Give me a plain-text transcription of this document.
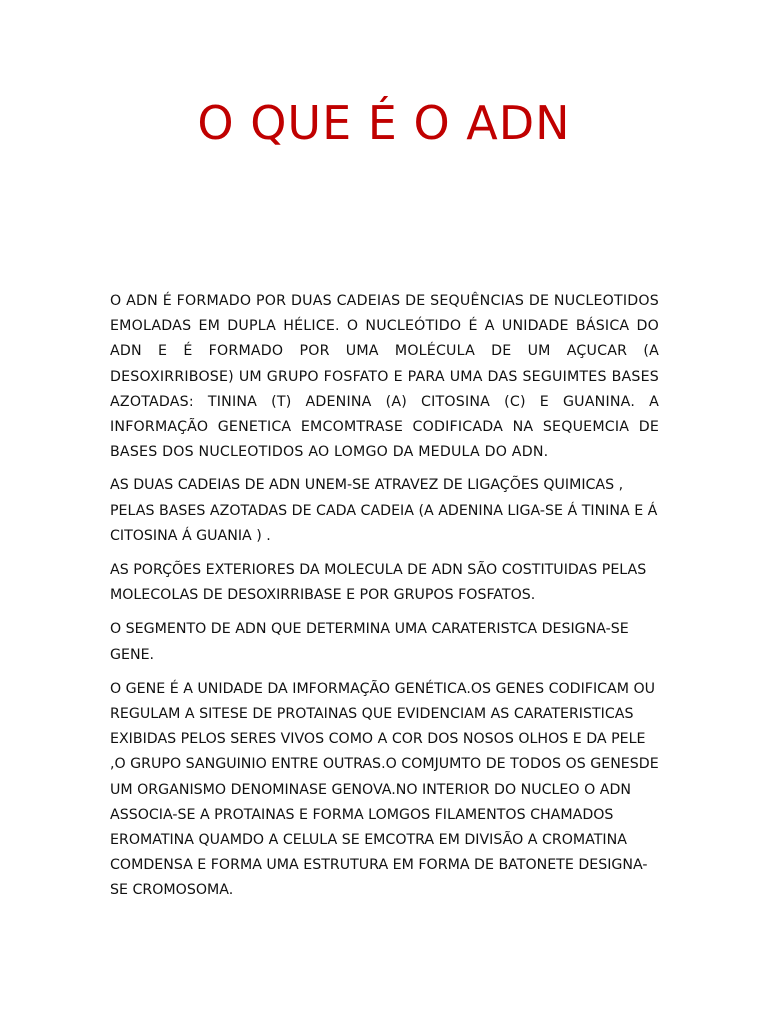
O QUE É O ADN

O ADN É FORMADO POR DUAS CADEIAS DE SEQUÊNCIAS DE NUCLEOTIDOS EMOLADAS EM DUPLA HÉLICE. O NUCLEÓTIDO É A UNIDADE BÁSICA DO ADN E É FORMADO POR UMA MOLÉCULA DE UM AÇUCAR (A DESOXIRRIBOSE) UM GRUPO FOSFATO E PARA UMA DAS SEGUIMTES BASES AZOTADAS: TININA (T) ADENINA (A) CITOSINA (C) E GUANINA. A INFORMAÇÃO GENETICA EMCOMTRASE CODIFICADA NA SEQUEMCIA DE BASES DOS NUCLEOTIDOS AO LOMGO DA MEDULA DO ADN.

AS DUAS CADEIAS DE ADN UNEM-SE ATRAVEZ DE LIGAÇÕES QUIMICAS , PELAS BASES AZOTADAS DE CADA CADEIA (A ADENINA LIGA-SE Á TININA E Á CITOSINA Á GUANIA ) .

AS PORÇÕES EXTERIORES DA MOLECULA DE ADN SÃO COSTITUIDAS PELAS MOLECOLAS DE DESOXIRRIBASE E POR GRUPOS FOSFATOS.

O SEGMENTO DE ADN QUE DETERMINA UMA CARATERISTCA DESIGNA-SE GENE.

O GENE É A UNIDADE DA IMFORMAÇÃO GENÉTICA.OS GENES CODIFICAM OU REGULAM A SITESE DE PROTAINAS QUE EVIDENCIAM AS CARATERISTICAS EXIBIDAS PELOS SERES VIVOS COMO A COR DOS NOSOS OLHOS E DA PELE ,O GRUPO SANGUINIO ENTRE OUTRAS.O COMJUMTO DE TODOS OS GENESDE UM ORGANISMO DENOMINASE GENOVA.NO INTERIOR DO NUCLEO O ADN ASSOCIA-SE A PROTAINAS E FORMA LOMGOS FILAMENTOS CHAMADOS EROMATINA QUAMDO A CELULA SE EMCOTRA EM DIVISÃO A CROMATINA COMDENSA E FORMA UMA ESTRUTURA EM FORMA DE BATONETE DESIGNA-SE CROMOSOMA.
